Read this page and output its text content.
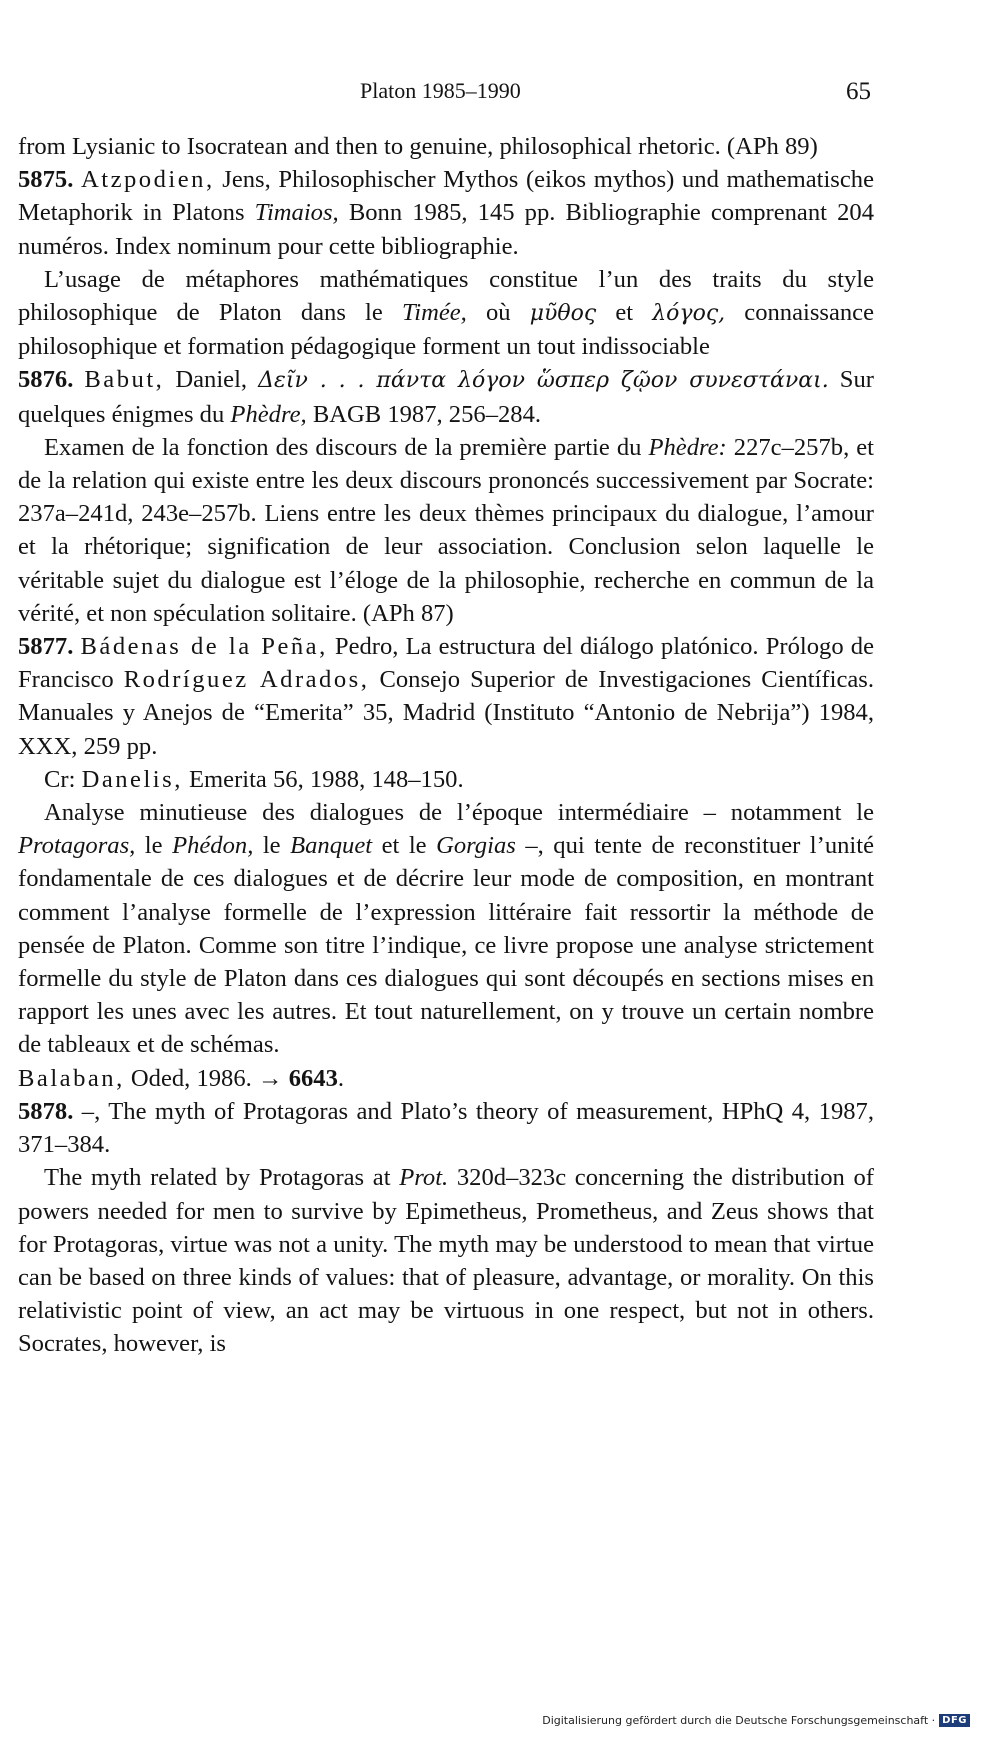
Platon 1985–1990	65

from Lysianic to Isocratean and then to genuine, philosophical rhetoric. (APh 89)

5875. Atzpodien, Jens, Philosophischer Mythos (eikos mythos) und mathematische Metaphorik in Platons Timaios, Bonn 1985, 145 pp. Bibliographie comprenant 204 numéros. Index nominum pour cette bibliographie.

L’usage de métaphores mathématiques constitue l’un des traits du style philosophique de Platon dans le Timée, où μῦθος et λόγος, connaissance philosophique et formation pédagogique forment un tout indissociable

5876. Babut, Daniel, Δεῖν . . . πάντα λόγον ὥσπερ ζῷον συνεστάναι. Sur quelques énigmes du Phèdre, BAGB 1987, 256–284.

Examen de la fonction des discours de la première partie du Phèdre: 227c–257b, et de la relation qui existe entre les deux discours prononcés successivement par Socrate: 237a–241d, 243e–257b. Liens entre les deux thèmes principaux du dialogue, l’amour et la rhétorique; signification de leur association. Conclusion selon laquelle le véritable sujet du dialogue est l’éloge de la philosophie, recherche en commun de la vérité, et non spéculation solitaire. (APh 87)

5877. Bádenas de la Peña, Pedro, La estructura del diálogo platónico. Prólogo de Francisco Rodríguez Adrados, Consejo Superior de Investigaciones Científicas. Manuales y Anejos de “Emerita” 35, Madrid (Instituto “Antonio de Nebrija”) 1984, XXX, 259 pp.

Cr: Danelis, Emerita 56, 1988, 148–150.

Analyse minutieuse des dialogues de l’époque intermédiaire – notamment le Protagoras, le Phédon, le Banquet et le Gorgias –, qui tente de reconstituer l’unité fondamentale de ces dialogues et de décrire leur mode de composition, en montrant comment l’analyse formelle de l’expression littéraire fait ressortir la méthode de pensée de Platon. Comme son titre l’indique, ce livre propose une analyse strictement formelle du style de Platon dans ces dialogues qui sont découpés en sections mises en rapport les unes avec les autres. Et tout naturellement, on y trouve un certain nombre de tableaux et de schémas.

Balaban, Oded, 1986. → 6643.

5878. –, The myth of Protagoras and Plato’s theory of measurement, HPhQ 4, 1987, 371–384.

The myth related by Protagoras at Prot. 320d–323c concerning the distribution of powers needed for men to survive by Epimetheus, Prometheus, and Zeus shows that for Protagoras, virtue was not a unity. The myth may be understood to mean that virtue can be based on three kinds of values: that of pleasure, advantage, or morality. On this relativistic point of view, an act may be virtuous in one respect, but not in others. Socrates, however, is

Digitalisierung gefördert durch die Deutsche Forschungsgemeinschaft · DFG
